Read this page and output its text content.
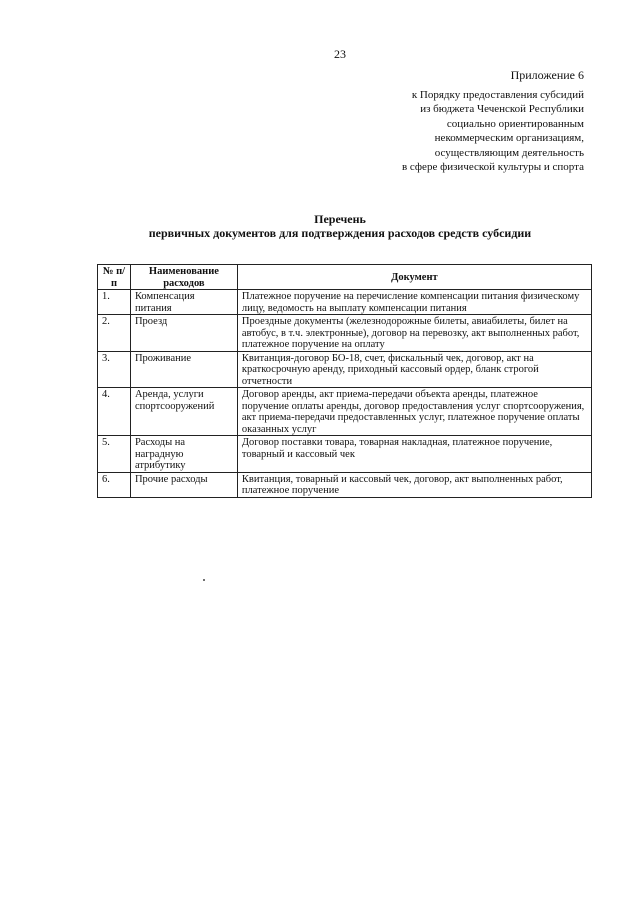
23
Приложение 6
к Порядку предоставления субсидий
из бюджета Чеченской Республики
социально ориентированным
некоммерческим организациям,
осуществляющим деятельность
в сфере физической культуры и спорта
Перечень
первичных документов для подтверждения расходов средств субсидии
№ п/п	Наименование расходов	Документ
1.	Компенсация питания	Платежное поручение на перечисление компенсации питания физическому лицу, ведомость на выплату компенсации питания
2.	Проезд	Проездные документы (железнодорожные билеты, авиабилеты, билет на автобус, в т.ч. электронные), договор на перевозку, акт выполненных работ, платежное поручение на оплату
3.	Проживание	Квитанция-договор БО-18, счет, фискальный чек, договор, акт на краткосрочную аренду, приходный кассовый ордер, бланк строгой отчетности
4.	Аренда, услуги спортсооружений	Договор аренды, акт приема-передачи объекта аренды, платежное поручение оплаты аренды, договор предоставления услуг спортсооружения, акт приема-передачи предоставленных услуг, платежное поручение оплаты оказанных услуг
5.	Расходы на наградную атрибутику	Договор поставки товара, товарная накладная, платежное поручение, товарный и кассовый чек
6.	Прочие расходы	Квитанция, товарный и кассовый чек, договор, акт выполненных работ, платежное поручение
